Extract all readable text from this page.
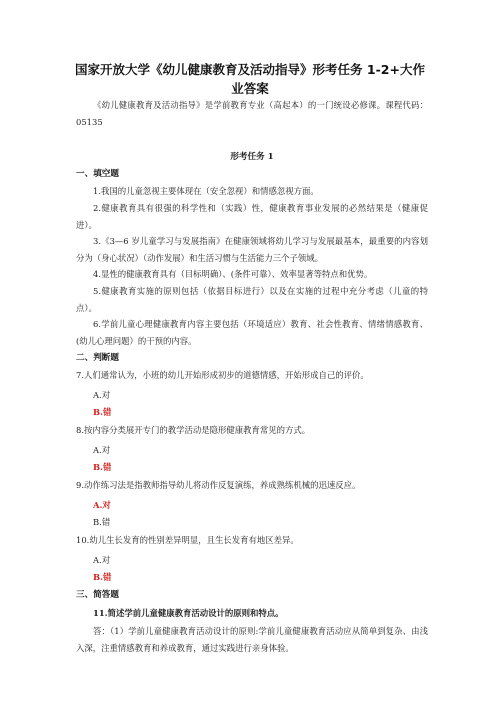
国家开放大学《幼儿健康教育及活动指导》形考任务 1-2+大作业答案
《幼儿健康教育及活动指导》是学前教育专业（高起本）的一门统设必修课。课程代码：05135
形考任务 1
一、填空题
1.我国的儿童忽视主要体现在（安全忽视）和情感忽视方面。
2.健康教育具有很强的科学性和（实践）性，健康教育事业发展的必然结果是（健康促进）。
3.《3—6 岁儿童学习与发展指南》在健康领域将幼儿学习与发展最基本，最重要的内容划分为（身心状况）（动作发展）和生活习惯与生活能力三个子领域。
4.显性的健康教育具有（目标明确）、(条件可靠）、效率显著等特点和优势。
5.健康教育实施的原则包括（依据目标进行）以及在实施的过程中充分考虑（儿童的特点）。
6.学前儿童心理健康教育内容主要包括（环境适应）教育、社会性教育、情绪情感教育、(幼儿心理问题）的干预的内容。
二、判断题
7.人们通常认为，小班的幼儿开始形成初步的道德情感，开始形成自己的评价。
A.对
B.错
8.按内容分类展开专门的教学活动是隐形健康教育常见的方式。
A.对
B.错
9.动作练习法是指教师指导幼儿将动作反复演练，养成熟练机械的迅速反应。
A.对
B.错
10.幼儿生长发育的性别差异明显，且生长发育有地区差异。
A.对
B.错
三、简答题
11.简述学前儿童健康教育活动设计的原则和特点。
答：（1）学前儿童健康教育活动设计的原则:学前儿童健康教育活动应从简单到复杂、由浅入深，注重情感教育和养成教育，通过实践进行亲身体验。
